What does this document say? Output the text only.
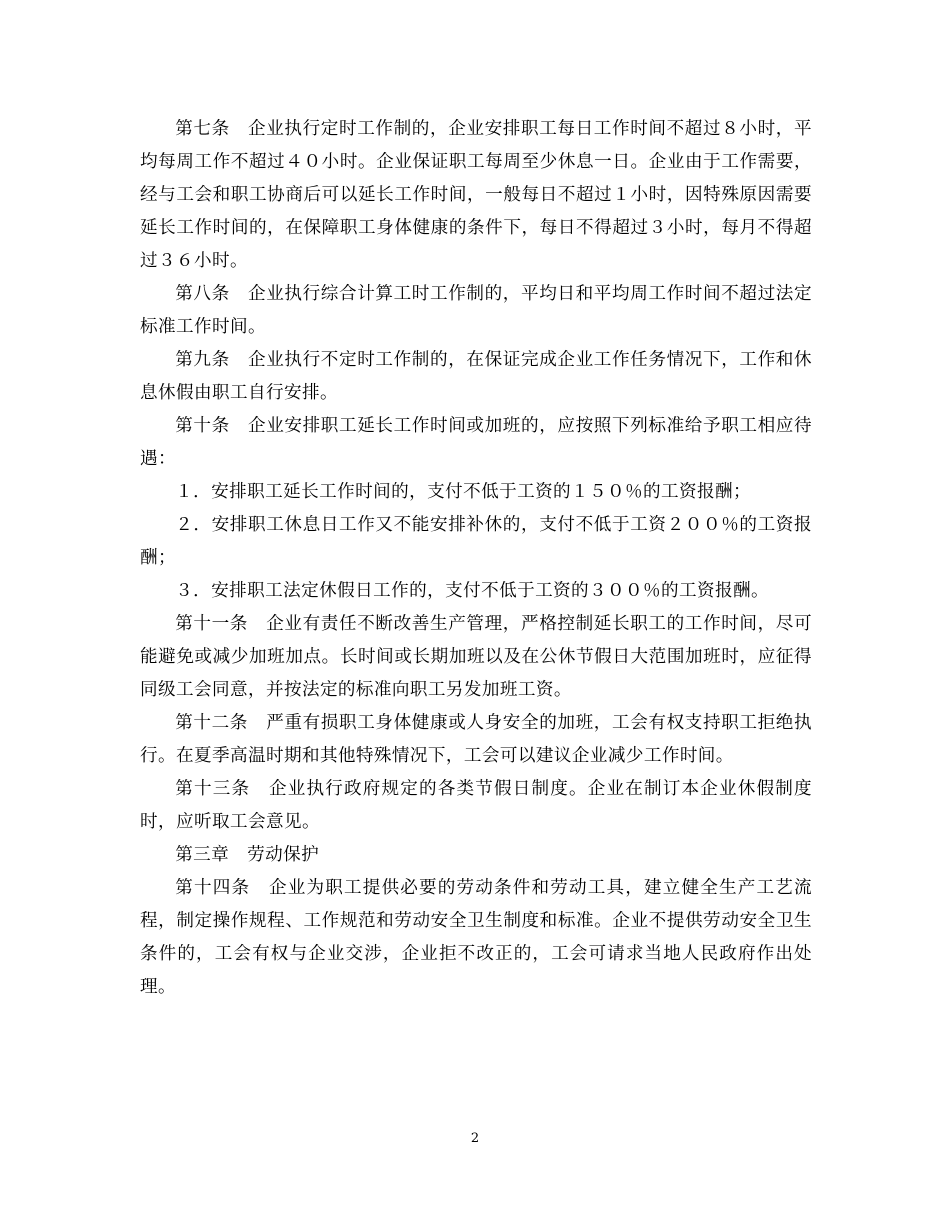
第七条　企业执行定时工作制的，企业安排职工每日工作时间不超过８小时，平均每周工作不超过４０小时。企业保证职工每周至少休息一日。企业由于工作需要，经与工会和职工协商后可以延长工作时间，一般每日不超过１小时，因特殊原因需要延长工作时间的，在保障职工身体健康的条件下，每日不得超过３小时，每月不得超过３６小时。

第八条　企业执行综合计算工时工作制的，平均日和平均周工作时间不超过法定标准工作时间。

第九条　企业执行不定时工作制的，在保证完成企业工作任务情况下，工作和休息休假由职工自行安排。

第十条　企业安排职工延长工作时间或加班的，应按照下列标准给予职工相应待遇：

１．安排职工延长工作时间的，支付不低于工资的１５０％的工资报酬；

２．安排职工休息日工作又不能安排补休的，支付不低于工资２００％的工资报酬；

３．安排职工法定休假日工作的，支付不低于工资的３００％的工资报酬。

第十一条　企业有责任不断改善生产管理，严格控制延长职工的工作时间，尽可能避免或减少加班加点。长时间或长期加班以及在公休节假日大范围加班时，应征得同级工会同意，并按法定的标准向职工另发加班工资。

第十二条　严重有损职工身体健康或人身安全的加班，工会有权支持职工拒绝执行。在夏季高温时期和其他特殊情况下，工会可以建议企业减少工作时间。

第十三条　企业执行政府规定的各类节假日制度。企业在制订本企业休假制度时，应听取工会意见。

第三章　劳动保护

第十四条　企业为职工提供必要的劳动条件和劳动工具，建立健全生产工艺流程，制定操作规程、工作规范和劳动安全卫生制度和标准。企业不提供劳动安全卫生条件的，工会有权与企业交涉，企业拒不改正的，工会可请求当地人民政府作出处理。

2
